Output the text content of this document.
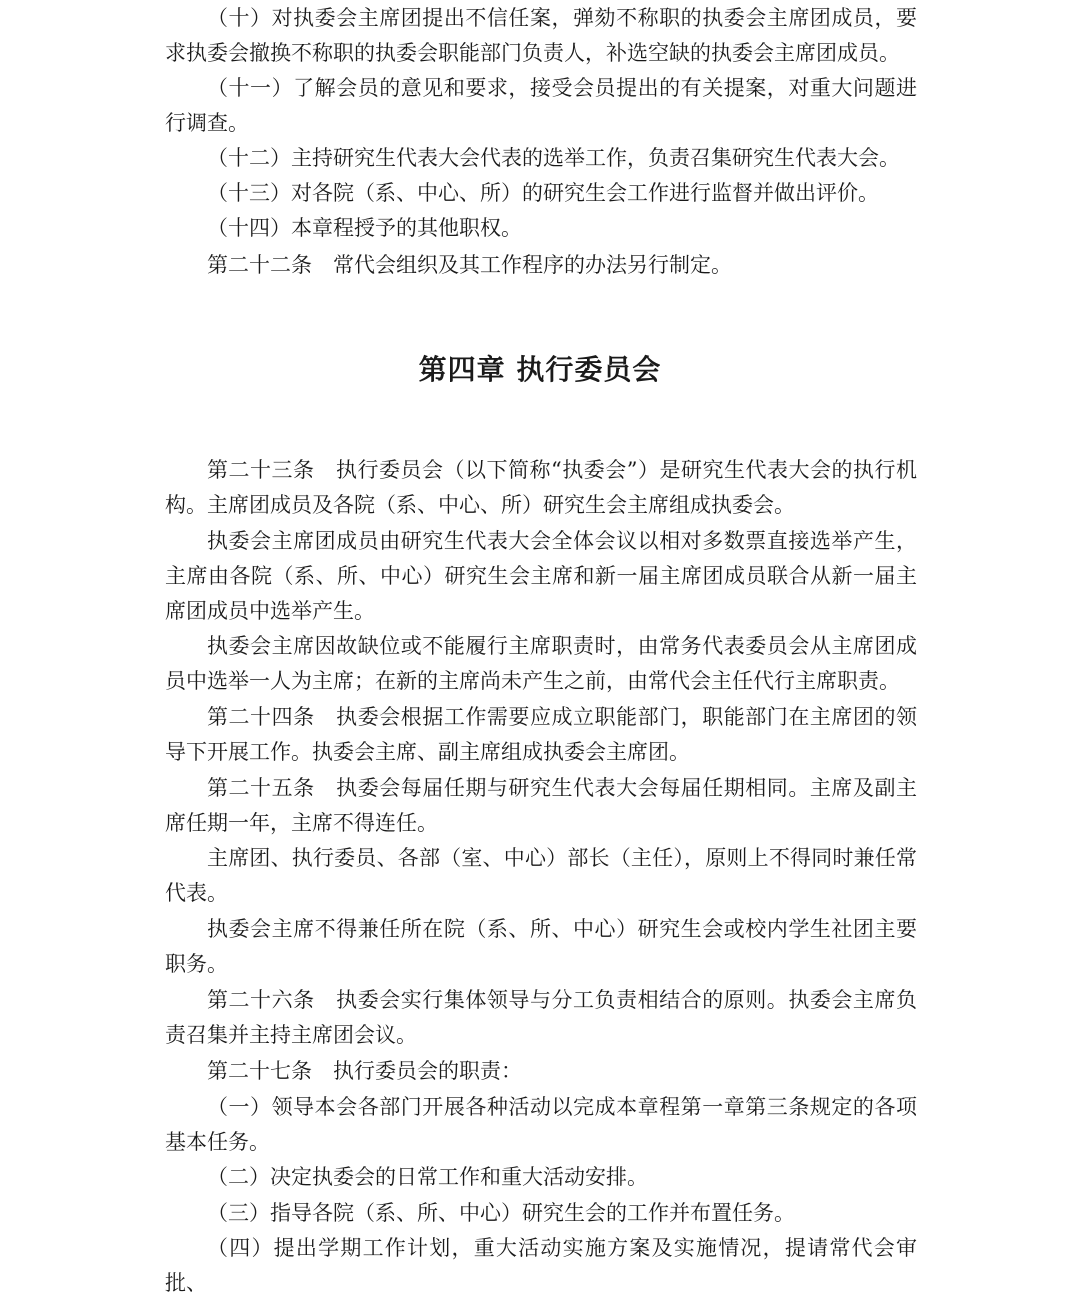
（十）对执委会主席团提出不信任案，弹劾不称职的执委会主席团成员，要求执委会撤换不称职的执委会职能部门负责人，补选空缺的执委会主席团成员。

（十一）了解会员的意见和要求，接受会员提出的有关提案，对重大问题进行调查。

（十二）主持研究生代表大会代表的选举工作，负责召集研究生代表大会。

（十三）对各院（系、中心、所）的研究生会工作进行监督并做出评价。

（十四）本章程授予的其他职权。

第二十二条　常代会组织及其工作程序的办法另行制定。

第四章 执行委员会

第二十三条　执行委员会（以下简称“执委会”）是研究生代表大会的执行机构。主席团成员及各院（系、中心、所）研究生会主席组成执委会。

执委会主席团成员由研究生代表大会全体会议以相对多数票直接选举产生，主席由各院（系、所、中心）研究生会主席和新一届主席团成员联合从新一届主席团成员中选举产生。

执委会主席因故缺位或不能履行主席职责时，由常务代表委员会从主席团成员中选举一人为主席；在新的主席尚未产生之前，由常代会主任代行主席职责。

第二十四条　执委会根据工作需要应成立职能部门，职能部门在主席团的领导下开展工作。执委会主席、副主席组成执委会主席团。

第二十五条　执委会每届任期与研究生代表大会每届任期相同。主席及副主席任期一年，主席不得连任。

主席团、执行委员、各部（室、中心）部长（主任），原则上不得同时兼任常代表。

执委会主席不得兼任所在院（系、所、中心）研究生会或校内学生社团主要职务。

第二十六条　执委会实行集体领导与分工负责相结合的原则。执委会主席负责召集并主持主席团会议。

第二十七条　执行委员会的职责：

（一）领导本会各部门开展各种活动以完成本章程第一章第三条规定的各项基本任务。

（二）决定执委会的日常工作和重大活动安排。

（三）指导各院（系、所、中心）研究生会的工作并布置任务。

（四）提出学期工作计划，重大活动实施方案及实施情况，提请常代会审批、
